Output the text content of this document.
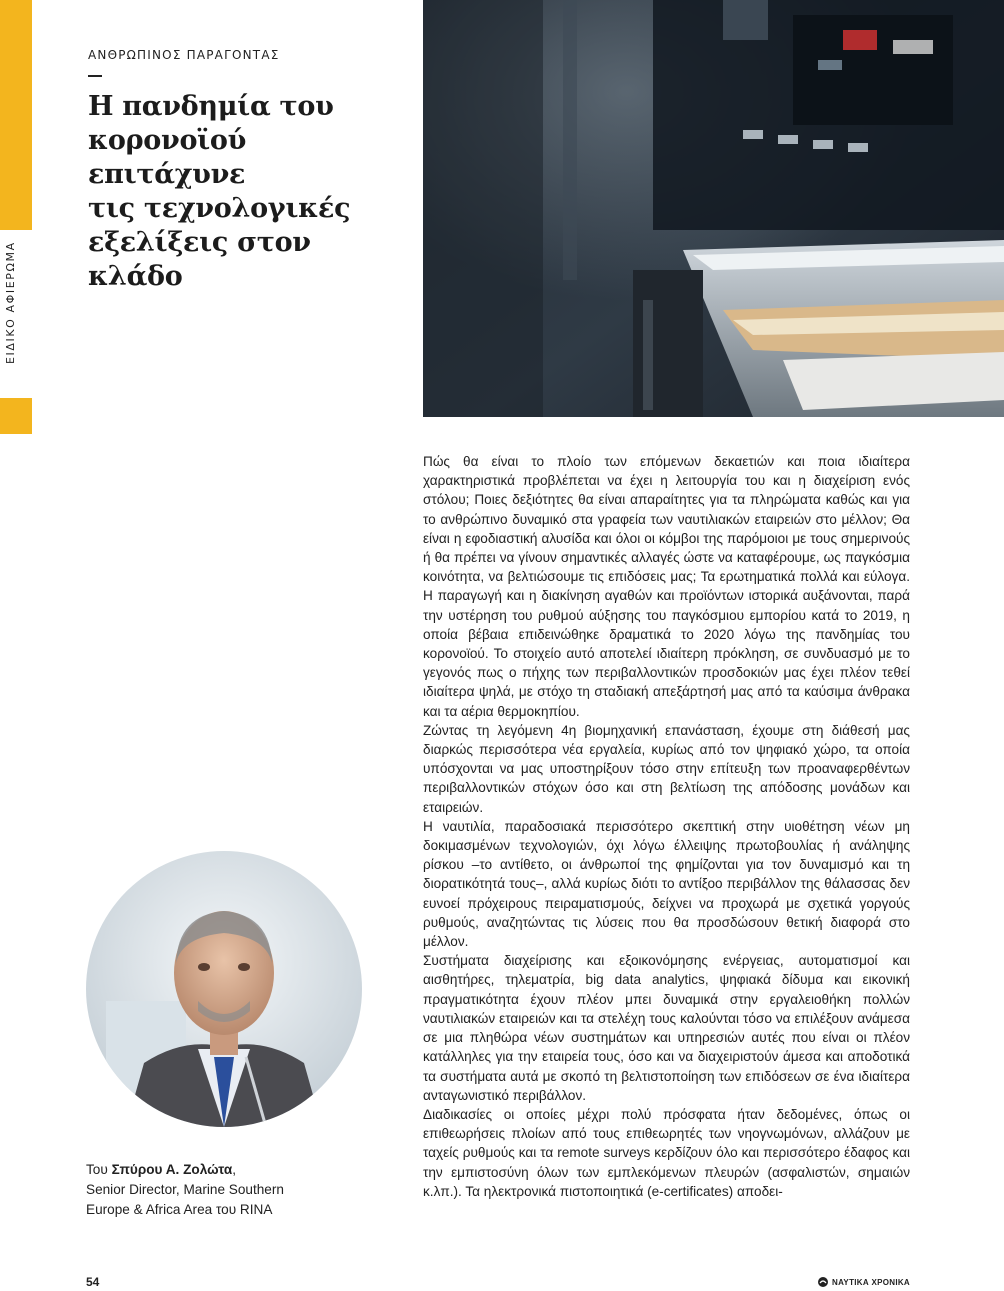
ΕΙΔΙΚΟ ΑΦΙΕΡΩΜΑ
ΑΝΘΡΩΠΙΝΟΣ ΠΑΡΑΓΟΝΤΑΣ
Η πανδημία του
κορονοϊού επιτάχυνε
τις τεχνολογικές
εξελίξεις στον κλάδο

Πώς θα είναι το πλοίο των επόμενων δεκαετιών και ποια ιδιαίτερα χαρακτηριστικά προβλέπεται να έχει η λειτουργία του και η διαχείριση ενός στόλου; Ποιες δεξιότητες θα είναι απαραίτητες για τα πληρώματα καθώς και για το ανθρώπινο δυναμικό στα γραφεία των ναυτιλιακών εταιρειών στο μέλλον; Θα είναι η εφοδιαστική αλυσίδα και όλοι οι κόμβοι της παρόμοιοι με τους σημερινούς ή θα πρέπει να γίνουν σημαντικές αλλαγές ώστε να καταφέρουμε, ως παγκόσμια κοινότητα, να βελτιώσουμε τις επιδόσεις μας; Τα ερωτηματικά πολλά και εύλογα. Η παραγωγή και η διακίνηση αγαθών και προϊόντων ιστορικά αυξάνονται, παρά την υστέρηση του ρυθμού αύξησης του παγκόσμιου εμπορίου κατά το 2019, η οποία βέβαια επιδεινώθηκε δραματικά το 2020 λόγω της πανδημίας του κορονοϊού. Το στοιχείο αυτό αποτελεί ιδιαίτερη πρόκληση, σε συνδυασμό με το γεγονός πως ο πήχης των περιβαλλοντικών προσδοκιών μας έχει πλέον τεθεί ιδιαίτερα ψηλά, με στόχο τη σταδιακή απεξάρτησή μας από τα καύσιμα άνθρακα και τα αέρια θερμοκηπίου.

Ζώντας τη λεγόμενη 4η βιομηχανική επανάσταση, έχουμε στη διάθεσή μας διαρκώς περισσότερα νέα εργαλεία, κυρίως από τον ψηφιακό χώρο, τα οποία υπόσχονται να μας υποστηρίξουν τόσο στην επίτευξη των προαναφερθέντων περιβαλλοντικών στόχων όσο και στη βελτίωση της απόδοσης μονάδων και εταιρειών.

Η ναυτιλία, παραδοσιακά περισσότερο σκεπτική στην υιοθέτηση νέων μη δοκιμασμένων τεχνολογιών, όχι λόγω έλλειψης πρωτοβουλίας ή ανάληψης ρίσκου –το αντίθετο, οι άνθρωποί της φημίζονται για τον δυναμισμό και τη διορατικότητά τους–, αλλά κυρίως διότι το αντίξοο περιβάλλον της θάλασσας δεν ευνοεί πρόχειρους πειραματισμούς, δείχνει να προχωρά με σχετικά γοργούς ρυθμούς, αναζητώντας τις λύσεις που θα προσδώσουν θετική διαφορά στο μέλλον.

Συστήματα διαχείρισης και εξοικονόμησης ενέργειας, αυτοματισμοί και αισθητήρες, τηλεματρία, big data analytics, ψηφιακά δίδυμα και εικονική πραγματικότητα έχουν πλέον μπει δυναμικά στην εργαλειοθήκη πολλών ναυτιλιακών εταιρειών και τα στελέχη τους καλούνται τόσο να επιλέξουν ανάμεσα σε μια πληθώρα νέων συστημάτων και υπηρεσιών αυτές που είναι οι πλέον κατάλληλες για την εταιρεία τους, όσο και να διαχειριστούν άμεσα και αποδοτικά τα συστήματα αυτά με σκοπό τη βελτιστοποίηση των επιδόσεων σε ένα ιδιαίτερα ανταγωνιστικό περιβάλλον.

Διαδικασίες οι οποίες μέχρι πολύ πρόσφατα ήταν δεδομένες, όπως οι επιθεωρήσεις πλοίων από τους επιθεωρητές των νηογνωμόνων, αλλάζουν με ταχείς ρυθμούς και τα remote surveys κερδίζουν όλο και περισσότερο έδαφος και την εμπιστοσύνη όλων των εμπλεκόμενων πλευρών (ασφαλιστών, σημαιών κ.λπ.). Τα ηλεκτρονικά πιστοποιητικά (e-certificates) αποδει-

Του Σπύρου Α. Ζολώτα,
Senior Director, Marine Southern
Europe & Africa Area του RINA
54	ΝΑΥΤΙΚΑ ΧΡΟΝΙΚΑ
